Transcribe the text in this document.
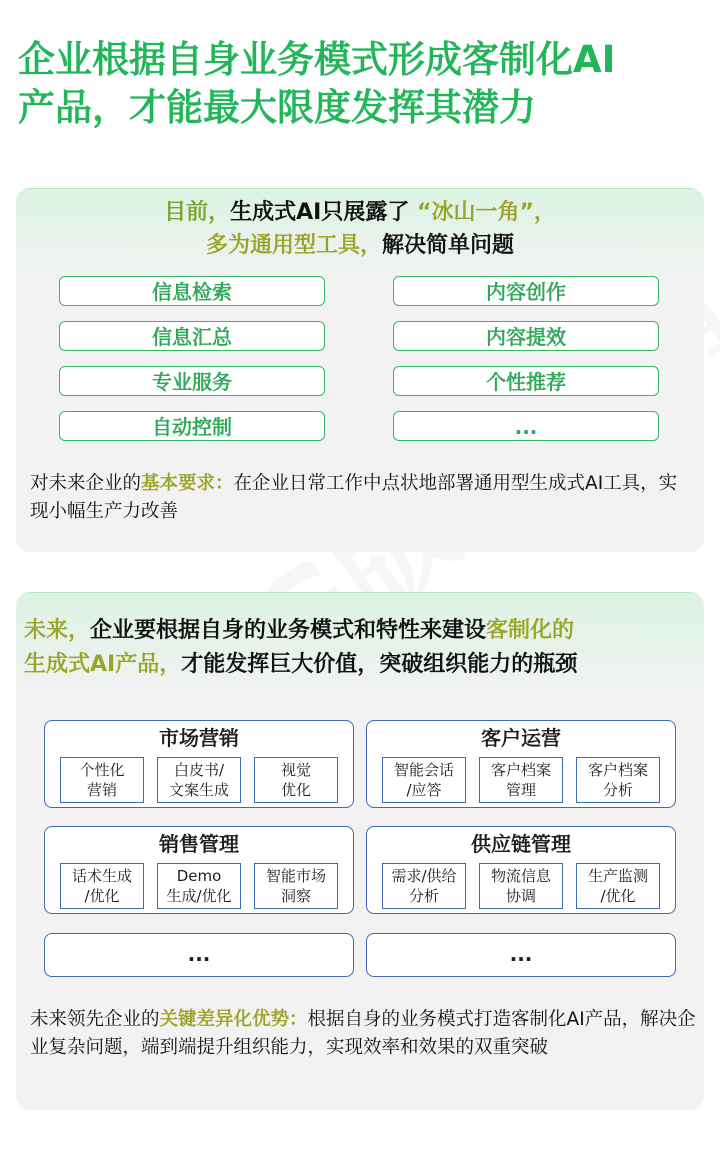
企业根据自身业务模式形成客制化AI
产品，才能最大限度发挥其潜力
目前，生成式AI只展露了 “冰山一角”，
多为通用型工具，解决简单问题
信息检索	内容创作
信息汇总	内容提效
专业服务	个性推荐
自动控制	...
对未来企业的基本要求：在企业日常工作中点状地部署通用型生成式AI工具，实现小幅生产力改善
未来，企业要根据自身的业务模式和特性来建设客制化的
生成式AI产品，才能发挥巨大价值，突破组织能力的瓶颈
市场营销
个性化
营销
白皮书/
文案生成
视觉
优化
客户运营
智能会话
/应答
客户档案
管理
客户档案
分析
销售管理
话术生成
/优化
Demo
生成/优化
智能市场
洞察
供应链管理
需求/供给
分析
物流信息
协调
生产监测
/优化
...	...
未来领先企业的关键差异化优势：根据自身的业务模式打造客制化AI产品，解决企业复杂问题，端到端提升组织能力，实现效率和效果的双重突破
